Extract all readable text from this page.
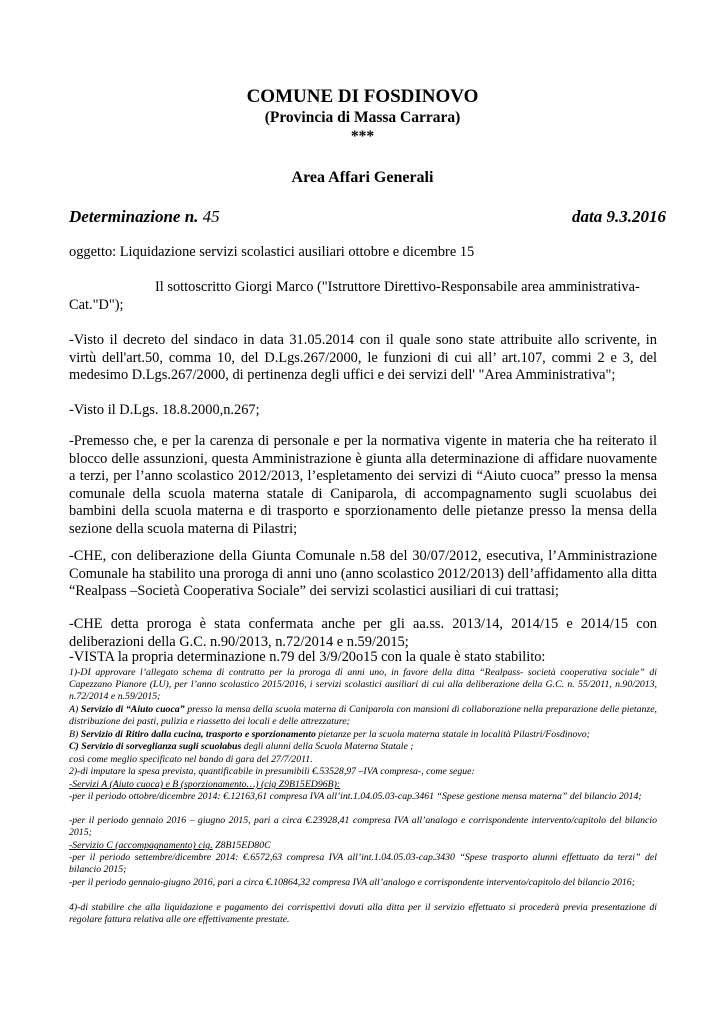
COMUNE DI FOSDINOVO
(Provincia di Massa Carrara)
***
Area Affari Generali
Determinazione n. 45	data 9.3.2016
oggetto: Liquidazione servizi scolastici ausiliari ottobre e dicembre 15
Il sottoscritto Giorgi Marco ("Istruttore Direttivo-Responsabile area amministrativa-
Cat."D");
-Visto il decreto del sindaco in data 31.05.2014 con il quale sono state attribuite allo scrivente, in virtù dell'art.50, comma 10, del D.Lgs.267/2000, le funzioni di cui all’ art.107, commi 2 e 3, del medesimo D.Lgs.267/2000, di pertinenza degli uffici e dei servizi dell' "Area Amministrativa";
-Visto il D.Lgs. 18.8.2000,n.267;
-Premesso che, e per la carenza di personale e per la normativa vigente in materia che ha reiterato il blocco delle assunzioni, questa Amministrazione è giunta alla determinazione di affidare nuovamente a terzi, per l’anno scolastico 2012/2013, l’espletamento dei servizi di “Aiuto cuoca” presso la mensa comunale della scuola materna statale di Caniparola, di accompagnamento sugli scuolabus dei bambini della scuola materna e di trasporto e sporzionamento delle pietanze presso la mensa della sezione della scuola materna di Pilastri;
-CHE, con deliberazione della Giunta Comunale n.58 del 30/07/2012, esecutiva, l’Amministrazione Comunale ha stabilito una proroga di anni uno (anno scolastico 2012/2013) dell’affidamento alla ditta “Realpass –Società Cooperativa Sociale” dei servizi scolastici ausiliari di cui trattasi;
-CHE detta proroga è stata confermata anche per gli aa.ss. 2013/14, 2014/15 e 2014/15 con deliberazioni della G.C. n.90/2013, n.72/2014 e n.59/2015;
-VISTA la propria determinazione n.79 del 3/9/20o15 con la quale è stato stabilito:
1)-DI approvare l’allegato schema di contratto per la proroga di anni uno, in favore della ditta “Realpass- società cooperativa sociale” di Capezzano Pianore (LU), per l’anno scolastico 2015/2016, i servizi scolastici ausiliari di cui alla deliberazione della G.C. n. 55/2011, n.90/2013, n.72/2014 e n.59/2015;
A) Servizio di “Aiuto cuoca” presso la mensa della scuola materna di Caniparola con mansioni di collaborazione nella preparazione delle pietanze, distribuzione dei pasti, pulizia e riassetto dei locali e delle attrezzature;
B) Servizio di Ritiro dalla cucina, trasporto e sporzionamento pietanze per la scuola materna statale in località Pilastri/Fosdinovo;
C) Servizio di sorveglianza sugli scuolabus degli alunni della Scuola Materna Statale ;
così come meglio specificato nel bando di gara del 27/7/2011.
2)-di imputare la spesa prevista, quantificabile in presumibili €.53528,97 –IVA compresa-, come segue:
-Servizi A (Aiuto cuoca) e B (sporzionamento…) (cig Z9B15ED96B):
-per il periodo ottobre/dicembre 2014: €.12163,61 compresa IVA all’int.1.04.05.03-cap.3461 “Spese gestione mensa materna” del bilancio 2014;
-per il periodo gennaio 2016 – giugno 2015, pari a circa €.23928,41 compresa IVA all’analogo e corrispondente intervento/capitolo del bilancio 2015;
-Servizio C (accompagnamento) cig. Z8B15ED80C
-per il periodo settembre/dicembre 2014: €.6572,63 compresa IVA all’int.1.04.05.03-cap.3430 “Spese trasporto alunni effettuato da terzi” del bilancio 2015;
-per il periodo gennaio-giugno 2016, pari a circa €.10864,32 compresa IVA all’analogo e corrispondente intervento/capitolo del bilancio 2016;
4)-di stabilire che alla liquidazione e pagamento dei corrispettivi dovuti alla ditta per il servizio effettuato si procederà previa presentazione di regolare fattura relativa alle ore effettivamente prestate.
